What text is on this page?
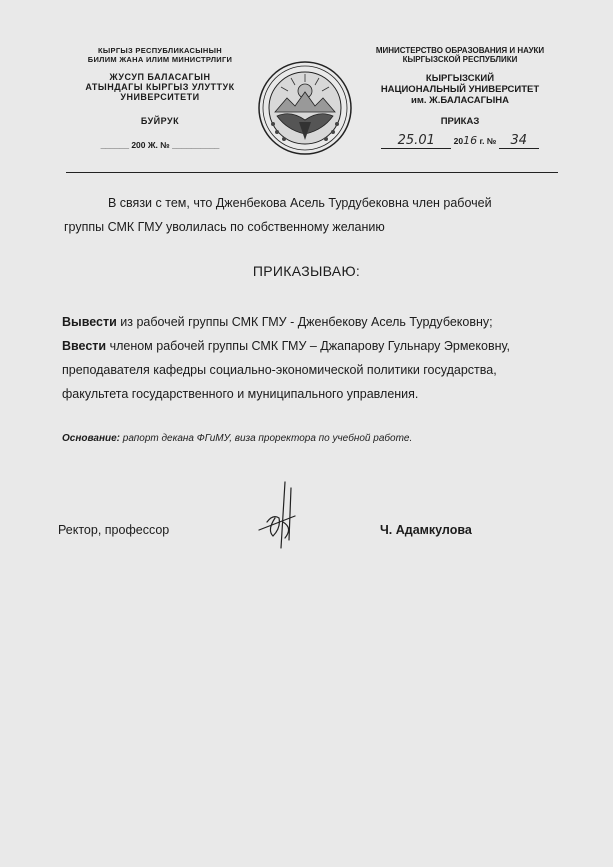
КЫРГЫЗ РЕСПУБЛИКАСЫНЫН
БИЛИМ ЖАНА ИЛИМ МИНИСТРЛИГИ
ЖУСУП БАЛАСАГЫН
АТЫНДАГЫ КЫРГЫЗ УЛУТТУК
УНИВЕРСИТЕТИ
БУЙРУК
______ 200 Ж. № __________
МИНИСТЕРСТВО ОБРАЗОВАНИЯ И НАУКИ
КЫРГЫЗСКОЙ РЕСПУБЛИКИ
КЫРГЫЗСКИЙ
НАЦИОНАЛЬНЫЙ УНИВЕРСИТЕТ
им. Ж.БАЛАСАГЫНА
ПРИКАЗ
25.01 2016 г. № 34
В связи с тем, что Дженбекова Асель Турдубековна член рабочей
группы СМК ГМУ уволилась по собственному желанию
ПРИКАЗЫВАЮ:
Вывести из рабочей группы СМК ГМУ - Дженбекову Асель Турдубековну;
Ввести членом рабочей группы СМК ГМУ – Джапарову Гульнару Эрмековну,
преподавателя кафедры социально-экономической политики государства,
факультета государственного и муниципального управления.
Основание: рапорт декана ФГиМУ, виза проректора по учебной работе.
Ректор, профессор	Ч. Адамкулова
